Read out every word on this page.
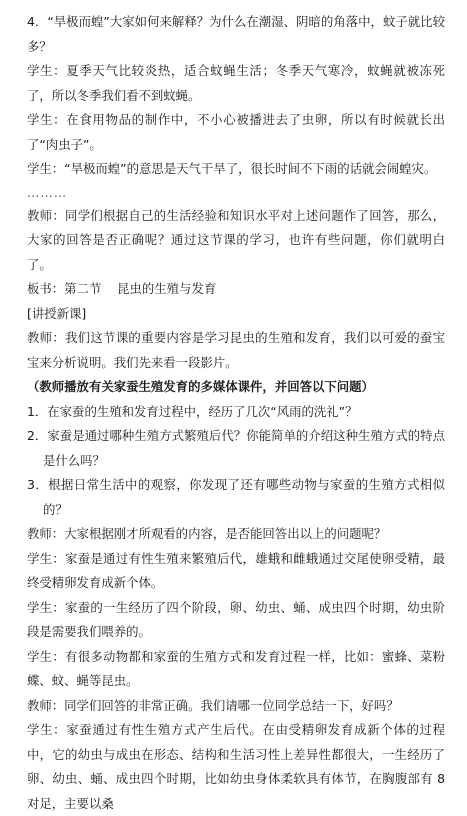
4．“旱极而蝗”大家如何来解释？为什么在潮湿、阴暗的角落中，蚊子就比较多？

学生：夏季天气比较炎热，适合蚊蝇生活；冬季天气寒冷，蚊蝇就被冻死了，所以冬季我们看不到蚊蝇。

学生：在食用物品的制作中，不小心被播进去了虫卵，所以有时候就长出了“肉虫子”。

学生：“旱极而蝗”的意思是天气干旱了，很长时间不下雨的话就会闹蝗灾。

………

教师：同学们根据自己的生活经验和知识水平对上述问题作了回答，那么，大家的回答是否正确呢？通过这节课的学习，也许有些问题，你们就明白了。

板书：第二节    昆虫的生殖与发育

[讲授新课]

教师：我们这节课的重要内容是学习昆虫的生殖和发育，我们以可爱的蚕宝宝来分析说明。我们先来看一段影片。

（教师播放有关家蚕生殖发育的多媒体课件，并回答以下问题）

1．在家蚕的生殖和发育过程中，经历了几次“风雨的洗礼”？

2．家蚕是通过哪种生殖方式繁殖后代？你能简单的介绍这种生殖方式的特点是什么吗？

3．根据日常生活中的观察，你发现了还有哪些动物与家蚕的生殖方式相似的？

教师：大家根据刚才所观看的内容，是否能回答出以上的问题呢？

学生：家蚕是通过有性生殖来繁殖后代，雄蛾和雌蛾通过交尾使卵受精，最终受精卵发育成新个体。

学生：家蚕的一生经历了四个阶段，卵、幼虫、蛹、成虫四个时期，幼虫阶段是需要我们喂养的。

学生：有很多动物都和家蚕的生殖方式和发育过程一样，比如：蜜蜂、菜粉蝶、蚊、蝇等昆虫。

教师：同学们回答的非常正确。我们请哪一位同学总结一下，好吗？

学生：家蚕通过有性生殖方式产生后代。在由受精卵发育成新个体的过程中，它的幼虫与成虫在形态、结构和生活习性上差异性都很大，一生经历了卵、幼虫、蛹、成虫四个时期，比如幼虫身体柔软具有体节，在胸腹部有 8 对足，主要以桑
